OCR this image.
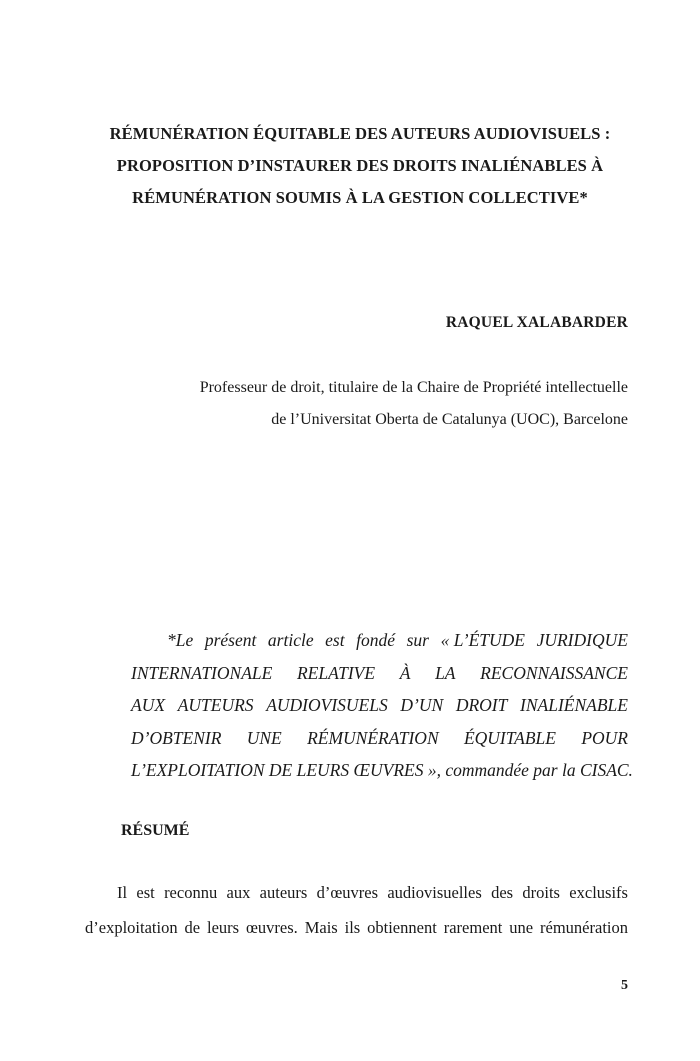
RÉMUNÉRATION ÉQUITABLE DES AUTEURS AUDIOVISUELS :
PROPOSITION D’INSTAURER DES DROITS INALIÉNABLES À
RÉMUNÉRATION SOUMIS À LA GESTION COLLECTIVE*
RAQUEL XALABARDER
Professeur de droit, titulaire de la Chaire de Propriété intellectuelle
de l’Universitat Oberta de Catalunya (UOC), Barcelone
*Le présent article est fondé sur « L’ÉTUDE JURIDIQUE
INTERNATIONALE RELATIVE À LA RECONNAISSANCE
AUX AUTEURS AUDIOVISUELS D’UN DROIT INALIÉNABLE
D’OBTENIR UNE RÉMUNÉRATION ÉQUITABLE POUR
L’EXPLOITATION DE LEURS ŒUVRES », commandée par la CISAC.
RÉSUMÉ
Il est reconnu aux auteurs d’œuvres audiovisuelles des droits exclusifs
d’exploitation de leurs œuvres. Mais ils obtiennent rarement une rémunération
5
